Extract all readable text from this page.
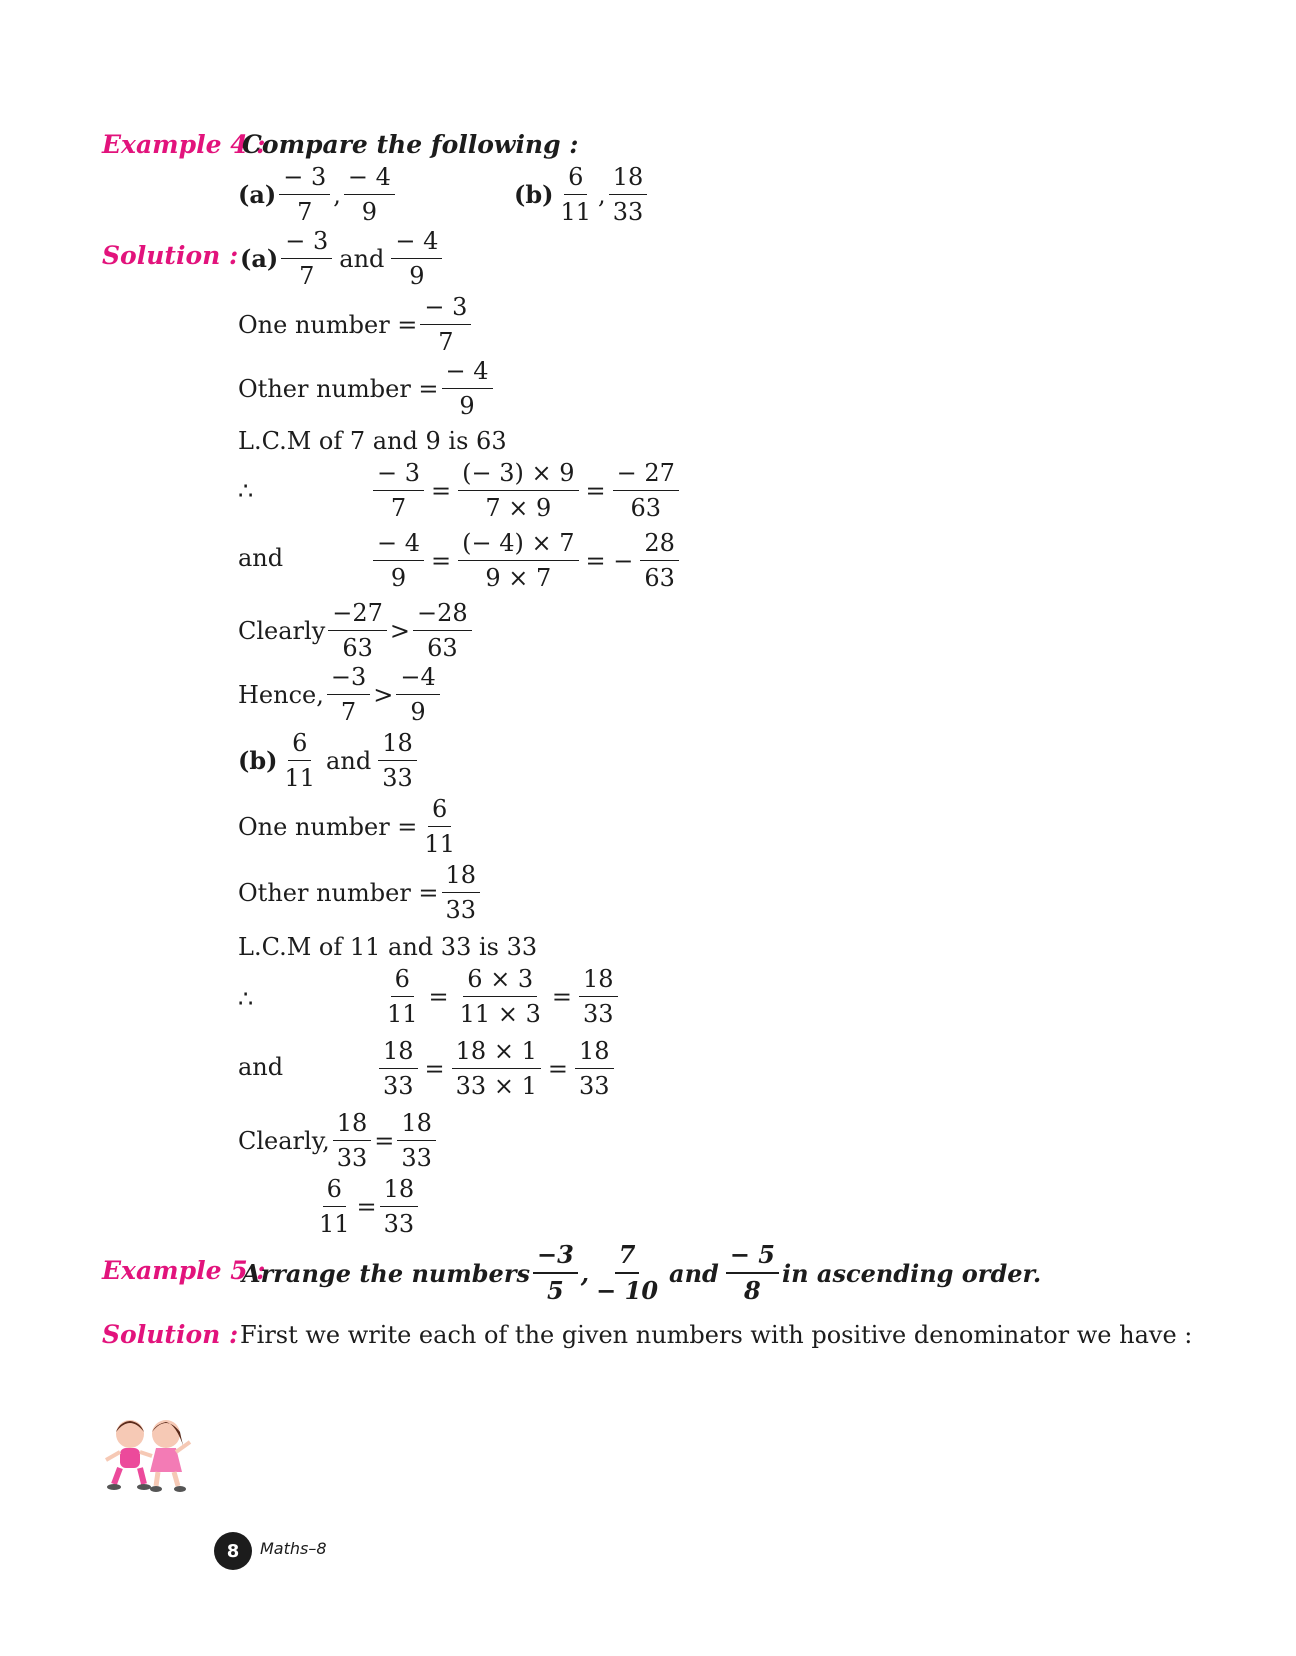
Example 4 :
Compare the following :
$(a) \frac{- 3}{7}$ , $\frac{- 4}{9}$	$(b) \frac{6}{11}$ , $\frac{18}{33}$
Solution : $(a) \frac{- 3}{7}$ and $\frac{- 4}{9}$
One number = $\frac{- 3}{7}$
Other number = $\frac{- 4}{9}$
L.C.M of 7 and 9 is 63
∴	$\frac{- 3}{7} = \frac{(- 3) \times 9}{7 \times 9} = \frac{- 27}{63}$
and	$\frac{- 4}{9} = \frac{(- 4) \times 7}{9 \times 7}$ = − $\frac{28}{63}$
Clearly $\frac{-27}{63} > \frac{-28}{63}$
Hence, $\frac{-3}{7} > \frac{-4}{9}$
$(b) \frac{6}{11}$ and $\frac{18}{33}$
One number = $\frac{6}{11}$
Other number = $\frac{18}{33}$
L.C.M of 11 and 33 is 33
∴	$\frac{6}{11} = \frac{6 \times 3}{11 \times 3} = \frac{18}{33}$
and	$\frac{18}{33} = \frac{18 \times 1}{33 \times 1} = \frac{18}{33}$
Clearly, $\frac{18}{33} = \frac{18}{33}$
$\frac{6}{11} = \frac{18}{33}$
Example 5 :
Arrange the numbers $\frac{-3}{5}$ , $\frac{7}{- 10}$ and $\frac{- 5}{8}$ in ascending order.
Solution : First we write each of the given numbers with positive denominator we have :
8 Maths–8
